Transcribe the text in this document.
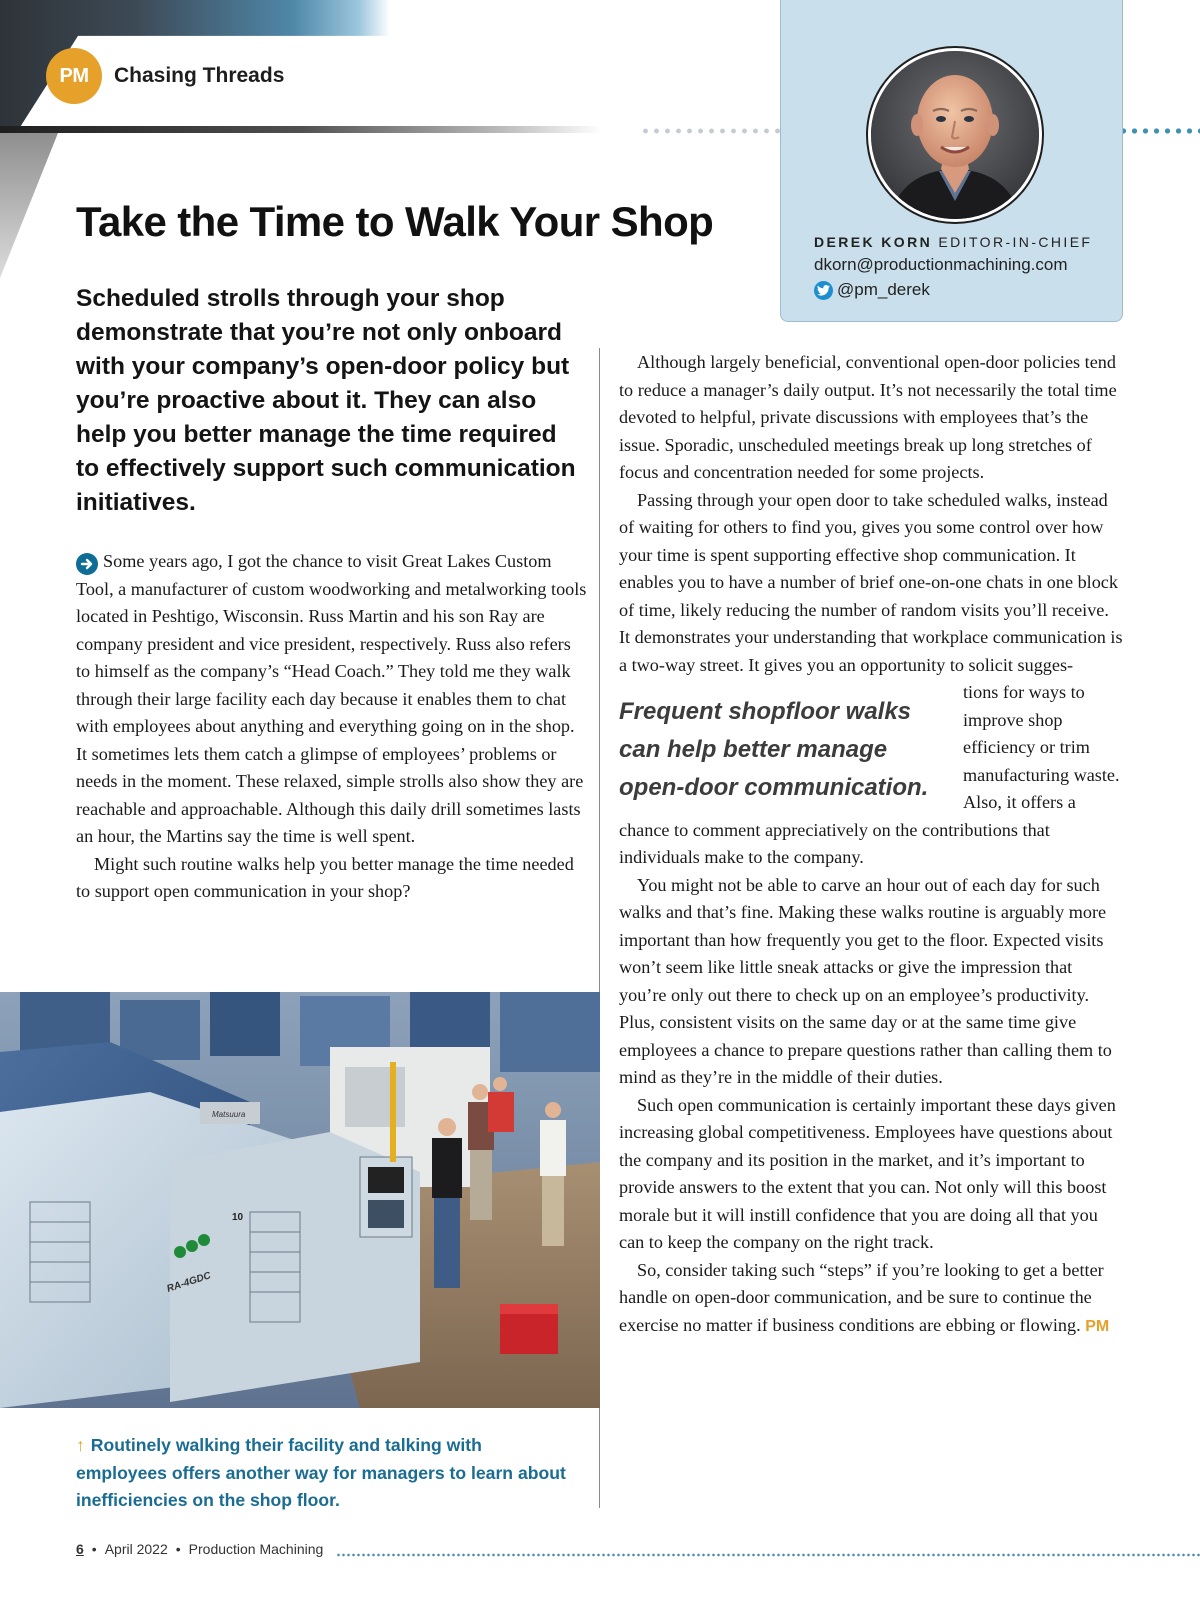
PM	Chasing Threads
DEREK KORN EDITOR-IN-CHIEF
dkorn@productionmachining.com
@pm_derek
Take the Time to Walk Your Shop

Scheduled strolls through your shop demonstrate that you’re not only onboard with your company’s open-door policy but you’re proactive about it. They can also help you better manage the time required to effectively support such communication initiatives.

Some years ago, I got the chance to visit Great Lakes Custom Tool, a manufacturer of custom woodworking and metalworking tools located in Peshtigo, Wisconsin. Russ Martin and his son Ray are company president and vice president, respectively. Russ also refers to himself as the company’s “Head Coach.” They told me they walk through their large facility each day because it enables them to chat with employees about anything and everything going on in the shop. It sometimes lets them catch a glimpse of employees’ problems or needs in the moment. These relaxed, simple strolls also show they are reachable and approachable. Although this daily drill sometimes lasts an hour, the Martins say the time is well spent.

Might such routine walks help you better manage the time needed to support open communication in your shop?

Although largely beneficial, conventional open-door policies tend to reduce a manager’s daily output. It’s not necessarily the total time devoted to helpful, private discussions with employees that’s the issue. Sporadic, unscheduled meetings break up long stretches of focus and concentration needed for some projects.

Passing through your open door to take scheduled walks, instead of waiting for others to find you, gives you some control over how your time is spent supporting effective shop communication. It enables you to have a number of brief one-on-one chats in one block of time, likely reducing the number of random visits you’ll receive. It demonstrates your understanding that workplace communication is a two-way street. It gives you an opportunity to solicit sugges-

Frequent shopfloor walks can help better manage open-door communication.

tions for ways to improve shop efficiency or trim manufacturing waste. Also, it offers a chance to comment appreciatively on the contributions that individuals make to the company.

You might not be able to carve an hour out of each day for such walks and that’s fine. Making these walks routine is arguably more important than how frequently you get to the floor. Expected visits won’t seem like little sneak attacks or give the impression that you’re only out there to check up on an employee’s productivity. Plus, consistent visits on the same day or at the same time give employees a chance to prepare questions rather than calling them to mind as they’re in the middle of their duties.

Such open communication is certainly important these days given increasing global competitiveness. Employees have questions about the company and its position in the market, and it’s important to provide answers to the extent that you can. Not only will this boost morale but it will instill confidence that you are doing all that you can to keep the company on the right track.

So, consider taking such “steps” if you’re looking to get a better handle on open-door communication, and be sure to continue the exercise no matter if business conditions are ebbing or flowing. PM

Matsuura
RA-4GDC
10
↑ Routinely walking their facility and talking with employees offers another way for managers to learn about inefficiencies on the shop floor.
6 • April 2022 • Production Machining
